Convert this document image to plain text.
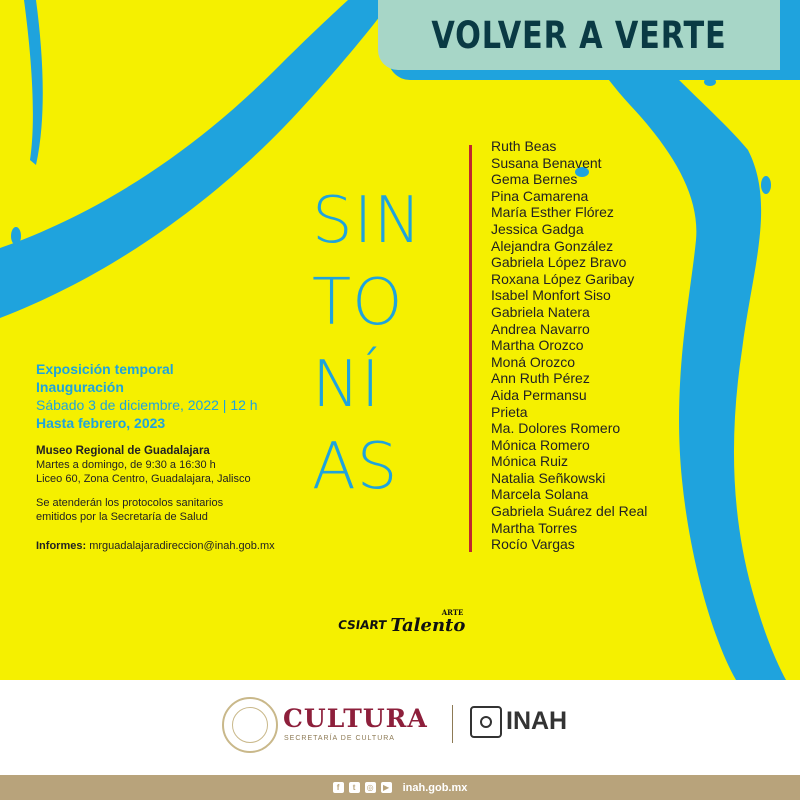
VOLVER A VERTE
SIN
TO
NÍ
AS
Ruth Beas
Susana Benavent
Gema Bernes
Pina Camarena
María Esther Flórez
Jessica Gadga
Alejandra González
Gabriela López Bravo
Roxana López Garibay
Isabel Monfort Siso
Gabriela Natera
Andrea Navarro
Martha Orozco
Moná Orozco
Ann Ruth Pérez
Aida Permansu
Prieta
Ma. Dolores Romero
Mónica Romero
Mónica Ruiz
Natalia Señkowski
Marcela Solana
Gabriela Suárez del Real
Martha Torres
Rocío Vargas
Exposición temporal
Inauguración
Sábado 3 de diciembre, 2022 | 12 h
Hasta febrero, 2023
Museo Regional de Guadalajara
Martes a domingo, de 9:30 a 16:30 h
Liceo 60, Zona Centro, Guadalajara, Jalisco
Se atenderán los protocolos sanitarios
emitidos por la Secretaría de Salud
Informes: mrguadalajaradireccion@inah.gob.mx
CSIART
ARTE
Talento
CULTURA
SECRETARÍA DE CULTURA
INAH
f	t	◎	▶ inah.gob.mx
